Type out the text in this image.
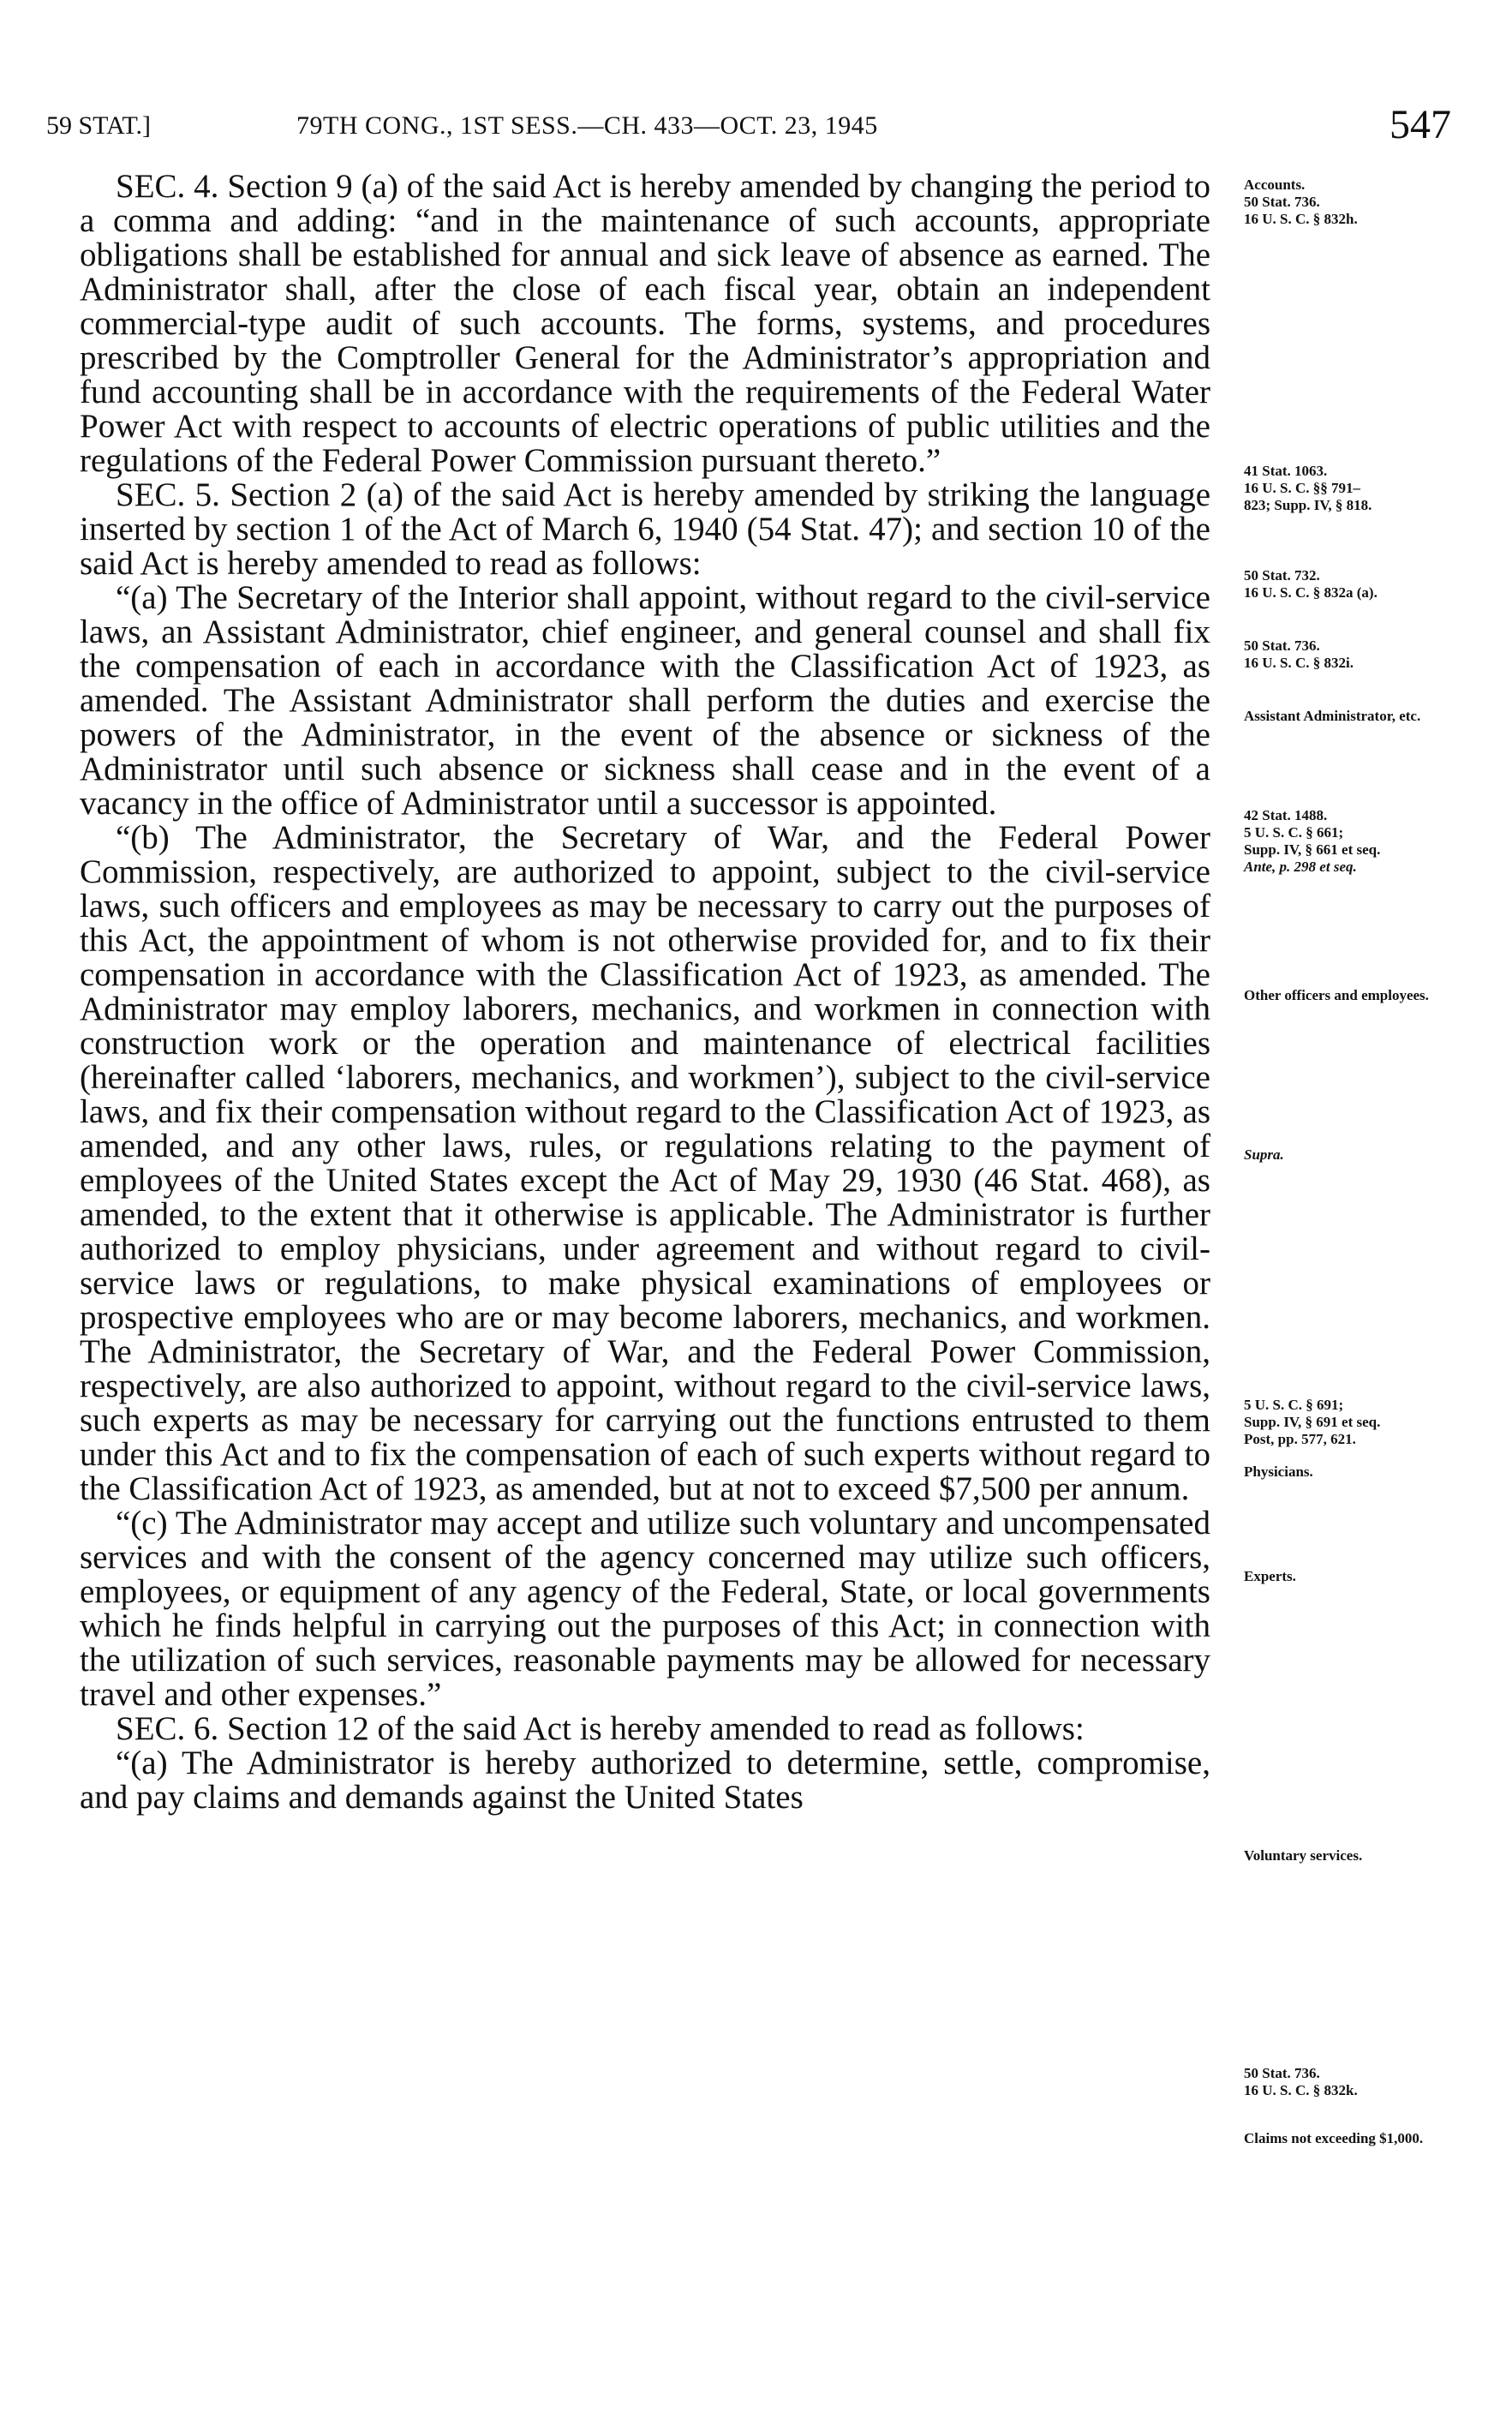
59 STAT.]	79TH CONG., 1ST SESS.—CH. 433—OCT. 23, 1945	547

SEC. 4. Section 9 (a) of the said Act is hereby amended by changing the period to a comma and adding: “and in the maintenance of such accounts, appropriate obligations shall be established for annual and sick leave of absence as earned. The Administrator shall, after the close of each fiscal year, obtain an independent commercial-type audit of such accounts. The forms, systems, and procedures prescribed by the Comptroller General for the Administrator’s appropriation and fund accounting shall be in accordance with the requirements of the Federal Water Power Act with respect to accounts of electric operations of public utilities and the regulations of the Federal Power Commission pursuant thereto.”

SEC. 5. Section 2 (a) of the said Act is hereby amended by striking the language inserted by section 1 of the Act of March 6, 1940 (54 Stat. 47); and section 10 of the said Act is hereby amended to read as follows:

“(a) The Secretary of the Interior shall appoint, without regard to the civil-service laws, an Assistant Administrator, chief engineer, and general counsel and shall fix the compensation of each in accordance with the Classification Act of 1923, as amended. The Assistant Administrator shall perform the duties and exercise the powers of the Administrator, in the event of the absence or sickness of the Administrator until such absence or sickness shall cease and in the event of a vacancy in the office of Administrator until a successor is appointed.

“(b) The Administrator, the Secretary of War, and the Federal Power Commission, respectively, are authorized to appoint, subject to the civil-service laws, such officers and employees as may be necessary to carry out the purposes of this Act, the appointment of whom is not otherwise provided for, and to fix their compensation in accordance with the Classification Act of 1923, as amended. The Administrator may employ laborers, mechanics, and workmen in connection with construction work or the operation and maintenance of electrical facilities (hereinafter called ‘laborers, mechanics, and workmen’), subject to the civil-service laws, and fix their compensation without regard to the Classification Act of 1923, as amended, and any other laws, rules, or regulations relating to the payment of employees of the United States except the Act of May 29, 1930 (46 Stat. 468), as amended, to the extent that it otherwise is applicable. The Administrator is further authorized to employ physicians, under agreement and without regard to civil-service laws or regulations, to make physical examinations of employees or prospective employees who are or may become laborers, mechanics, and workmen. The Administrator, the Secretary of War, and the Federal Power Commission, respectively, are also authorized to appoint, without regard to the civil-service laws, such experts as may be necessary for carrying out the functions entrusted to them under this Act and to fix the compensation of each of such experts without regard to the Classification Act of 1923, as amended, but at not to exceed $7,500 per annum.

“(c) The Administrator may accept and utilize such voluntary and uncompensated services and with the consent of the agency concerned may utilize such officers, employees, or equipment of any agency of the Federal, State, or local governments which he finds helpful in carrying out the purposes of this Act; in connection with the utilization of such services, reasonable payments may be allowed for necessary travel and other expenses.”

SEC. 6. Section 12 of the said Act is hereby amended to read as follows:

“(a) The Administrator is hereby authorized to determine, settle, compromise, and pay claims and demands against the United States

Accounts.
50 Stat. 736.
16 U. S. C. § 832h.
41 Stat. 1063.
16 U. S. C. §§ 791–
823; Supp. IV, § 818.
50 Stat. 732.
16 U. S. C. § 832a (a).
50 Stat. 736.
16 U. S. C. § 832i.
Assistant Administrator, etc.
42 Stat. 1488.
5 U. S. C. § 661;
Supp. IV, § 661 et seq.
Ante, p. 298 et seq.
Other officers and employees.
Supra.
5 U. S. C. § 691;
Supp. IV, § 691 et seq.
Post, pp. 577, 621.
Physicians.
Experts.
Voluntary services.
50 Stat. 736.
16 U. S. C. § 832k.
Claims not exceeding $1,000.
